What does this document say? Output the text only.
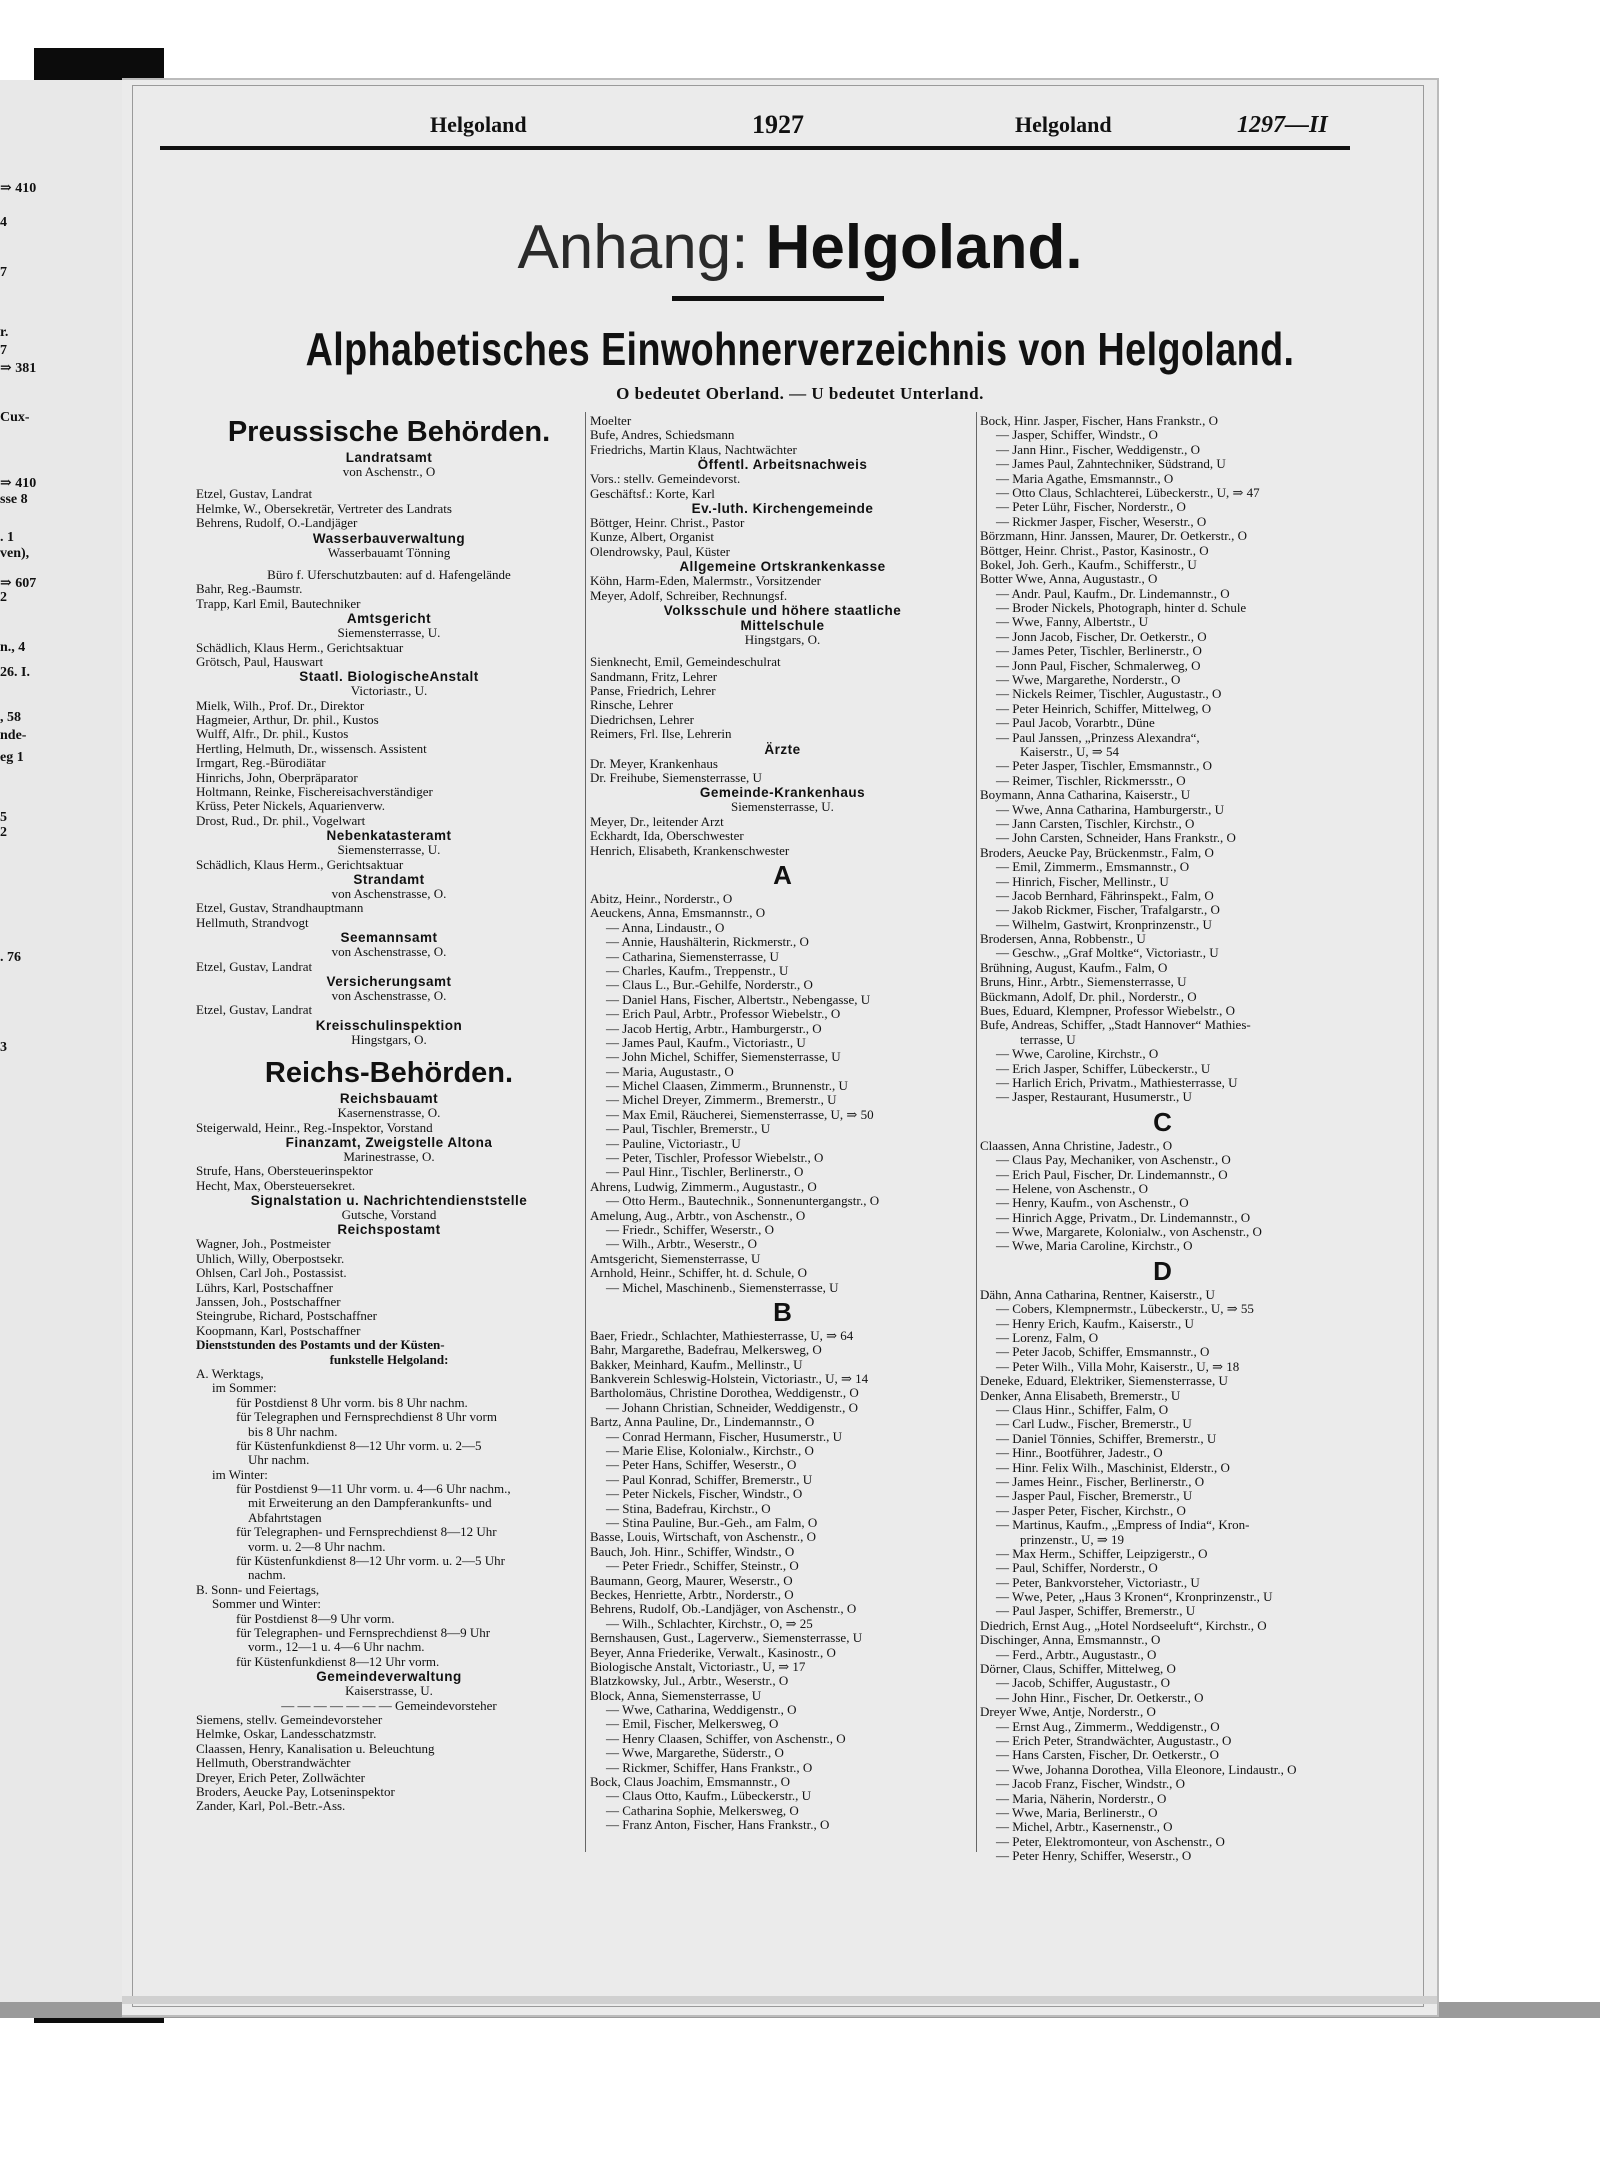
⇒ 410
4
7
r.
7
⇒ 381
Cux-
⇒ 410
sse 8
. 1
ven),
⇒ 607
2
n., 4
26. I.
, 58
nde-
eg 1
5
2
. 76
3
Helgoland	1927	Helgoland	1297—II
Anhang: Helgoland.
Alphabetisches Einwohnerverzeichnis von Helgoland.
O bedeutet Oberland. — U bedeutet Unterland.
Preussische Behörden.
Landratsamt
von Aschenstr., O
Etzel, Gustav, Landrat
Helmke, W., Obersekretär, Vertreter des Landrats
Behrens, Rudolf, O.-Landjäger
Wasserbauverwaltung
Wasserbauamt Tönning
Büro f. Uferschutzbauten: auf d. Hafengelände
Bahr, Reg.-Baumstr.
Trapp, Karl Emil, Bautechniker
Amtsgericht
Siemensterrasse, U.
Schädlich, Klaus Herm., Gerichtsaktuar
Grötsch, Paul, Hauswart
Staatl. BiologischeAnstalt
Victoriastr., U.
Mielk, Wilh., Prof. Dr., Direktor
Hagmeier, Arthur, Dr. phil., Kustos
Wulff, Alfr., Dr. phil., Kustos
Hertling, Helmuth, Dr., wissensch. Assistent
Irmgart, Reg.-Bürodiätar
Hinrichs, John, Oberpräparator
Holtmann, Reinke, Fischereisachverständiger
Krüss, Peter Nickels, Aquarienverw.
Drost, Rud., Dr. phil., Vogelwart
Nebenkatasteramt
Siemensterrasse, U.
Schädlich, Klaus Herm., Gerichtsaktuar
Strandamt
von Aschenstrasse, O.
Etzel, Gustav, Strandhauptmann
Hellmuth, Strandvogt
Seemannsamt
von Aschenstrasse, O.
Etzel, Gustav, Landrat
Versicherungsamt
von Aschenstrasse, O.
Etzel, Gustav, Landrat
Kreisschulinspektion
Hingstgars, O.
Reichs-Behörden.
Reichsbauamt
Kasernenstrasse, O.
Steigerwald, Heinr., Reg.-Inspektor, Vorstand
Finanzamt, Zweigstelle Altona
Marinestrasse, O.
Strufe, Hans, Obersteuerinspektor
Hecht, Max, Obersteuersekret.
Signalstation u. Nachrichtendienststelle
Gutsche, Vorstand
Reichspostamt
Wagner, Joh., Postmeister
Uhlich, Willy, Oberpostsekr.
Ohlsen, Carl Joh., Postassist.
Lührs, Karl, Postschaffner
Janssen, Joh., Postschaffner
Steingrube, Richard, Postschaffner
Koopmann, Karl, Postschaffner
Dienststunden des Postamts und der Küsten-
funkstelle Helgoland:
A. Werktags,
im Sommer:
für Postdienst 8 Uhr vorm. bis 8 Uhr nachm.
für Telegraphen und Fernsprechdienst 8 Uhr vorm
bis 8 Uhr nachm.
für Küstenfunkdienst 8—12 Uhr vorm. u. 2—5
Uhr nachm.
im Winter:
für Postdienst 9—11 Uhr vorm. u. 4—6 Uhr nachm.,
mit Erweiterung an den Dampferankunfts- und
Abfahrtstagen
für Telegraphen- und Fernsprechdienst 8—12 Uhr
vorm. u. 2—8 Uhr nachm.
für Küstenfunkdienst 8—12 Uhr vorm. u. 2—5 Uhr
nachm.
B. Sonn- und Feiertags,
Sommer und Winter:
für Postdienst 8—9 Uhr vorm.
für Telegraphen- und Fernsprechdienst 8—9 Uhr
vorm., 12—1 u. 4—6 Uhr nachm.
für Küstenfunkdienst 8—12 Uhr vorm.
Gemeindeverwaltung
Kaiserstrasse, U.
— — — — — — — Gemeindevorsteher
Siemens, stellv. Gemeindevorsteher
Helmke, Oskar, Landesschatzmstr.
Claassen, Henry, Kanalisation u. Beleuchtung
Hellmuth, Oberstrandwächter
Dreyer, Erich Peter, Zollwächter
Broders, Aeucke Pay, Lotseninspektor
Zander, Karl, Pol.-Betr.-Ass.
Moelter
Bufe, Andres, Schiedsmann
Friedrichs, Martin Klaus, Nachtwächter
Öffentl. Arbeitsnachweis
Vors.: stellv. Gemeindevorst.
Geschäftsf.: Korte, Karl
Ev.-luth. Kirchengemeinde
Böttger, Heinr. Christ., Pastor
Kunze, Albert, Organist
Olendrowsky, Paul, Küster
Allgemeine Ortskrankenkasse
Köhn, Harm-Eden, Malermstr., Vorsitzender
Meyer, Adolf, Schreiber, Rechnungsf.
Volksschule und höhere staatliche
Mittelschule
Hingstgars, O.
Sienknecht, Emil, Gemeindeschulrat
Sandmann, Fritz, Lehrer
Panse, Friedrich, Lehrer
Rinsche, Lehrer
Diedrichsen, Lehrer
Reimers, Frl. Ilse, Lehrerin
Ärzte
Dr. Meyer, Krankenhaus
Dr. Freihube, Siemensterrasse, U
Gemeinde-Krankenhaus
Siemensterrasse, U.
Meyer, Dr., leitender Arzt
Eckhardt, Ida, Oberschwester
Henrich, Elisabeth, Krankenschwester
A
Abitz, Heinr., Norderstr., O
Aeuckens, Anna, Emsmannstr., O
— Anna, Lindaustr., O
— Annie, Haushälterin, Rickmerstr., O
— Catharina, Siemensterrasse, U
— Charles, Kaufm., Treppenstr., U
— Claus L., Bur.-Gehilfe, Norderstr., O
— Daniel Hans, Fischer, Albertstr., Nebengasse, U
— Erich Paul, Arbtr., Professor Wiebelstr., O
— Jacob Hertig, Arbtr., Hamburgerstr., O
— James Paul, Kaufm., Victoriastr., U
— John Michel, Schiffer, Siemensterrasse, U
— Maria, Augustastr., O
— Michel Claasen, Zimmerm., Brunnenstr., U
— Michel Dreyer, Zimmerm., Bremerstr., U
— Max Emil, Räucherei, Siemensterrasse, U, ⇒ 50
— Paul, Tischler, Bremerstr., U
— Pauline, Victoriastr., U
— Peter, Tischler, Professor Wiebelstr., O
— Paul Hinr., Tischler, Berlinerstr., O
Ahrens, Ludwig, Zimmerm., Augustastr., O
— Otto Herm., Bautechnik., Sonnenuntergangstr., O
Amelung, Aug., Arbtr., von Aschenstr., O
— Friedr., Schiffer, Weserstr., O
— Wilh., Arbtr., Weserstr., O
Amtsgericht, Siemensterrasse, U
Arnhold, Heinr., Schiffer, ht. d. Schule, O
— Michel, Maschinenb., Siemensterrasse, U
B
Baer, Friedr., Schlachter, Mathiesterrasse, U, ⇒ 64
Bahr, Margarethe, Badefrau, Melkersweg, O
Bakker, Meinhard, Kaufm., Mellinstr., U
Bankverein Schleswig-Holstein, Victoriastr., U, ⇒ 14
Bartholomäus, Christine Dorothea, Weddigenstr., O
— Johann Christian, Schneider, Weddigenstr., O
Bartz, Anna Pauline, Dr., Lindemannstr., O
— Conrad Hermann, Fischer, Husumerstr., U
— Marie Elise, Kolonialw., Kirchstr., O
— Peter Hans, Schiffer, Weserstr., O
— Paul Konrad, Schiffer, Bremerstr., U
— Peter Nickels, Fischer, Windstr., O
— Stina, Badefrau, Kirchstr., O
— Stina Pauline, Bur.-Geh., am Falm, O
Basse, Louis, Wirtschaft, von Aschenstr., O
Bauch, Joh. Hinr., Schiffer, Windstr., O
— Peter Friedr., Schiffer, Steinstr., O
Baumann, Georg, Maurer, Weserstr., O
Beckes, Henriette, Arbtr., Norderstr., O
Behrens, Rudolf, Ob.-Landjäger, von Aschenstr., O
— Wilh., Schlachter, Kirchstr., O, ⇒ 25
Bernshausen, Gust., Lagerverw., Siemensterrasse, U
Beyer, Anna Friederike, Verwalt., Kasinostr., O
Biologische Anstalt, Victoriastr., U, ⇒ 17
Blatzkowsky, Jul., Arbtr., Weserstr., O
Block, Anna, Siemensterrasse, U
— Wwe, Catharina, Weddigenstr., O
— Emil, Fischer, Melkersweg, O
— Henry Claasen, Schiffer, von Aschenstr., O
— Wwe, Margarethe, Süderstr., O
— Rickmer, Schiffer, Hans Frankstr., O
Bock, Claus Joachim, Emsmannstr., O
— Claus Otto, Kaufm., Lübeckerstr., U
— Catharina Sophie, Melkersweg, O
— Franz Anton, Fischer, Hans Frankstr., O
Bock, Hinr. Jasper, Fischer, Hans Frankstr., O
— Jasper, Schiffer, Windstr., O
— Jann Hinr., Fischer, Weddigenstr., O
— James Paul, Zahntechniker, Südstrand, U
— Maria Agathe, Emsmannstr., O
— Otto Claus, Schlachterei, Lübeckerstr., U, ⇒ 47
— Peter Lühr, Fischer, Norderstr., O
— Rickmer Jasper, Fischer, Weserstr., O
Börzmann, Hinr. Janssen, Maurer, Dr. Oetkerstr., O
Böttger, Heinr. Christ., Pastor, Kasinostr., O
Bokel, Joh. Gerh., Kaufm., Schifferstr., U
Botter Wwe, Anna, Augustastr., O
— Andr. Paul, Kaufm., Dr. Lindemannstr., O
— Broder Nickels, Photograph, hinter d. Schule
— Wwe, Fanny, Albertstr., U
— Jonn Jacob, Fischer, Dr. Oetkerstr., O
— James Peter, Tischler, Berlinerstr., O
— Jonn Paul, Fischer, Schmalerweg, O
— Wwe, Margarethe, Norderstr., O
— Nickels Reimer, Tischler, Augustastr., O
— Peter Heinrich, Schiffer, Mittelweg, O
— Paul Jacob, Vorarbtr., Düne
— Paul Janssen, „Prinzess Alexandra“,
Kaiserstr., U, ⇒ 54
— Peter Jasper, Tischler, Emsmannstr., O
— Reimer, Tischler, Rickmersstr., O
Boymann, Anna Catharina, Kaiserstr., U
— Wwe, Anna Catharina, Hamburgerstr., U
— Jann Carsten, Tischler, Kirchstr., O
— John Carsten, Schneider, Hans Frankstr., O
Broders, Aeucke Pay, Brückenmstr., Falm, O
— Emil, Zimmerm., Emsmannstr., O
— Hinrich, Fischer, Mellinstr., U
— Jacob Bernhard, Fährinspekt., Falm, O
— Jakob Rickmer, Fischer, Trafalgarstr., O
— Wilhelm, Gastwirt, Kronprinzenstr., U
Brodersen, Anna, Robbenstr., U
— Geschw., „Graf Moltke“, Victoriastr., U
Brühning, August, Kaufm., Falm, O
Bruns, Hinr., Arbtr., Siemensterrasse, U
Bückmann, Adolf, Dr. phil., Norderstr., O
Bues, Eduard, Klempner, Professor Wiebelstr., O
Bufe, Andreas, Schiffer, „Stadt Hannover“ Mathies-
terrasse, U
— Wwe, Caroline, Kirchstr., O
— Erich Jasper, Schiffer, Lübeckerstr., U
— Harlich Erich, Privatm., Mathiesterrasse, U
— Jasper, Restaurant, Husumerstr., U
C
Claassen, Anna Christine, Jadestr., O
— Claus Pay, Mechaniker, von Aschenstr., O
— Erich Paul, Fischer, Dr. Lindemannstr., O
— Helene, von Aschenstr., O
— Henry, Kaufm., von Aschenstr., O
— Hinrich Agge, Privatm., Dr. Lindemannstr., O
— Wwe, Margarete, Kolonialw., von Aschenstr., O
— Wwe, Maria Caroline, Kirchstr., O
D
Dähn, Anna Catharina, Rentner, Kaiserstr., U
— Cobers, Klempnermstr., Lübeckerstr., U, ⇒ 55
— Henry Erich, Kaufm., Kaiserstr., U
— Lorenz, Falm, O
— Peter Jacob, Schiffer, Emsmannstr., O
— Peter Wilh., Villa Mohr, Kaiserstr., U, ⇒ 18
Deneke, Eduard, Elektriker, Siemensterrasse, U
Denker, Anna Elisabeth, Bremerstr., U
— Claus Hinr., Schiffer, Falm, O
— Carl Ludw., Fischer, Bremerstr., U
— Daniel Tönnies, Schiffer, Bremerstr., U
— Hinr., Bootführer, Jadestr., O
— Hinr. Felix Wilh., Maschinist, Elderstr., O
— James Heinr., Fischer, Berlinerstr., O
— Jasper Paul, Fischer, Bremerstr., U
— Jasper Peter, Fischer, Kirchstr., O
— Martinus, Kaufm., „Empress of India“, Kron-
prinzenstr., U, ⇒ 19
— Max Herm., Schiffer, Leipzigerstr., O
— Paul, Schiffer, Norderstr., O
— Peter, Bankvorsteher, Victoriastr., U
— Wwe, Peter, „Haus 3 Kronen“, Kronprinzenstr., U
— Paul Jasper, Schiffer, Bremerstr., U
Diedrich, Ernst Aug., „Hotel Nordseeluft“, Kirchstr., O
Dischinger, Anna, Emsmannstr., O
— Ferd., Arbtr., Augustastr., O
Dörner, Claus, Schiffer, Mittelweg, O
— Jacob, Schiffer, Augustastr., O
— John Hinr., Fischer, Dr. Oetkerstr., O
Dreyer Wwe, Antje, Norderstr., O
— Ernst Aug., Zimmerm., Weddigenstr., O
— Erich Peter, Strandwächter, Augustastr., O
— Hans Carsten, Fischer, Dr. Oetkerstr., O
— Wwe, Johanna Dorothea, Villa Eleonore, Lindaustr., O
— Jacob Franz, Fischer, Windstr., O
— Maria, Näherin, Norderstr., O
— Wwe, Maria, Berlinerstr., O
— Michel, Arbtr., Kasernenstr., O
— Peter, Elektromonteur, von Aschenstr., O
— Peter Henry, Schiffer, Weserstr., O
